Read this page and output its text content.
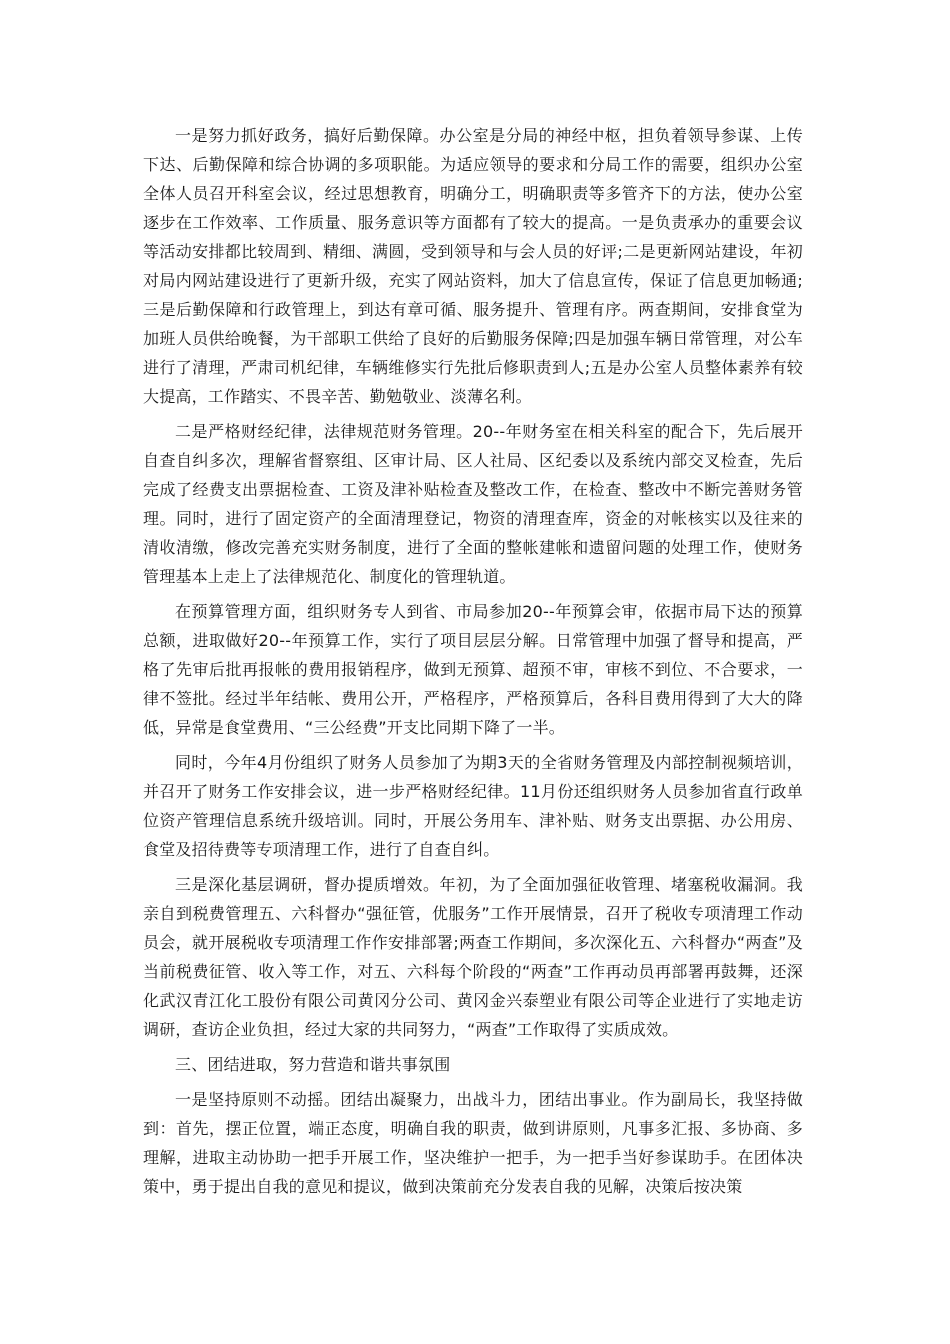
一是努力抓好政务，搞好后勤保障。办公室是分局的神经中枢，担负着领导参谋、上传下达、后勤保障和综合协调的多项职能。为适应领导的要求和分局工作的需要，组织办公室全体人员召开科室会议，经过思想教育，明确分工，明确职责等多管齐下的方法，使办公室逐步在工作效率、工作质量、服务意识等方面都有了较大的提高。一是负责承办的重要会议等活动安排都比较周到、精细、满圆，受到领导和与会人员的好评;二是更新网站建设，年初对局内网站建设进行了更新升级，充实了网站资料，加大了信息宣传，保证了信息更加畅通;三是后勤保障和行政管理上，到达有章可循、服务提升、管理有序。两查期间，安排食堂为加班人员供给晚餐，为干部职工供给了良好的后勤服务保障;四是加强车辆日常管理，对公车进行了清理，严肃司机纪律，车辆维修实行先批后修职责到人;五是办公室人员整体素养有较大提高，工作踏实、不畏辛苦、勤勉敬业、淡薄名利。

二是严格财经纪律，法律规范财务管理。20--年财务室在相关科室的配合下，先后展开自查自纠多次，理解省督察组、区审计局、区人社局、区纪委以及系统内部交叉检查，先后完成了经费支出票据检查、工资及津补贴检查及整改工作，在检查、整改中不断完善财务管理。同时，进行了固定资产的全面清理登记，物资的清理查库，资金的对帐核实以及往来的清收清缴，修改完善充实财务制度，进行了全面的整帐建帐和遗留问题的处理工作，使财务管理基本上走上了法律规范化、制度化的管理轨道。

在预算管理方面，组织财务专人到省、市局参加20--年预算会审，依据市局下达的预算总额，进取做好20--年预算工作，实行了项目层层分解。日常管理中加强了督导和提高，严格了先审后批再报帐的费用报销程序，做到无预算、超预不审，审核不到位、不合要求，一律不签批。经过半年结帐、费用公开，严格程序，严格预算后，各科目费用得到了大大的降低，异常是食堂费用、“三公经费”开支比同期下降了一半。

同时，今年4月份组织了财务人员参加了为期3天的全省财务管理及内部控制视频培训，并召开了财务工作安排会议，进一步严格财经纪律。11月份还组织财务人员参加省直行政单位资产管理信息系统升级培训。同时，开展公务用车、津补贴、财务支出票据、办公用房、食堂及招待费等专项清理工作，进行了自查自纠。

三是深化基层调研，督办提质增效。年初，为了全面加强征收管理、堵塞税收漏洞。我亲自到税费管理五、六科督办“强征管，优服务”工作开展情景，召开了税收专项清理工作动员会，就开展税收专项清理工作作安排部署;两查工作期间，多次深化五、六科督办“两查”及当前税费征管、收入等工作，对五、六科每个阶段的“两查”工作再动员再部署再鼓舞，还深化武汉青江化工股份有限公司黄冈分公司、黄冈金兴泰塑业有限公司等企业进行了实地走访调研，查访企业负担，经过大家的共同努力，“两查”工作取得了实质成效。

三、团结进取，努力营造和谐共事氛围

一是坚持原则不动摇。团结出凝聚力，出战斗力，团结出事业。作为副局长，我坚持做到：首先，摆正位置，端正态度，明确自我的职责，做到讲原则，凡事多汇报、多协商、多理解，进取主动协助一把手开展工作，坚决维护一把手，为一把手当好参谋助手。在团体决策中，勇于提出自我的意见和提议，做到决策前充分发表自我的见解，决策后按决策
